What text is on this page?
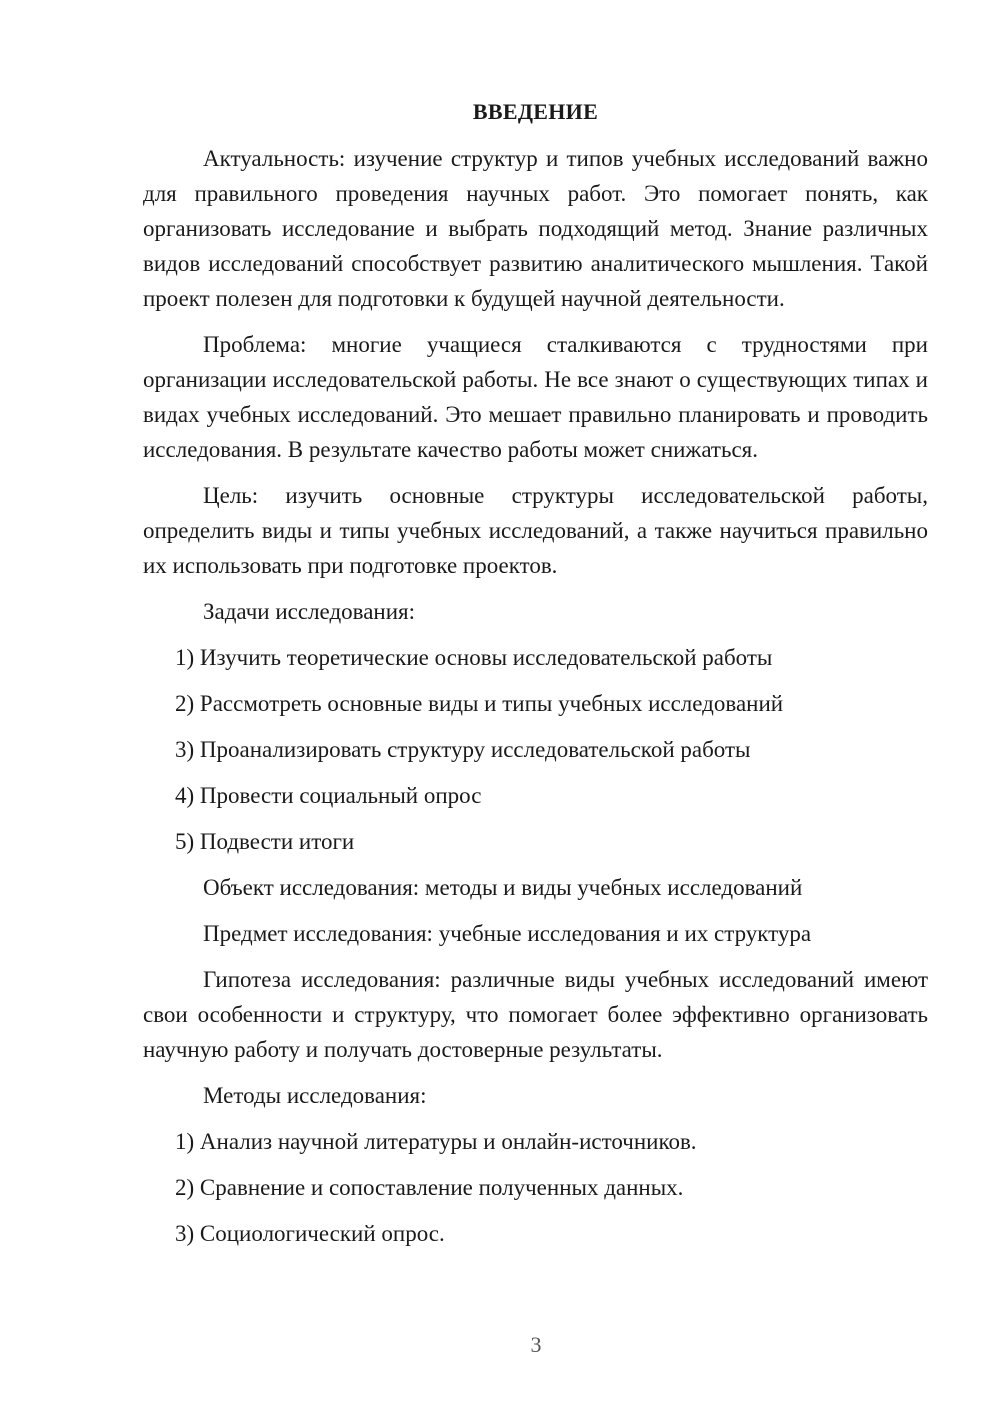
ВВЕДЕНИЕ

Актуальность: изучение структур и типов учебных исследований важно для правильного проведения научных работ. Это помогает понять, как организовать исследование и выбрать подходящий метод. Знание различных видов исследований способствует развитию аналитического мышления. Такой проект полезен для подготовки к будущей научной деятельности.

Проблема: многие учащиеся сталкиваются с трудностями при организации исследовательской работы. Не все знают о существующих типах и видах учебных исследований. Это мешает правильно планировать и проводить исследования. В результате качество работы может снижаться.

Цель: изучить основные структуры исследовательской работы, определить виды и типы учебных исследований, а также научиться правильно их использовать при подготовке проектов.

Задачи исследования:

1) Изучить теоретические основы исследовательской работы

2) Рассмотреть основные виды и типы учебных исследований

3) Проанализировать структуру исследовательской работы

4) Провести социальный опрос

5) Подвести итоги

Объект исследования: методы и виды учебных исследований

Предмет исследования: учебные исследования и их структура

Гипотеза исследования: различные виды учебных исследований имеют свои особенности и структуру, что помогает более эффективно организовать научную работу и получать достоверные результаты.

Методы исследования:

1) Анализ научной литературы и онлайн-источников.

2) Сравнение и сопоставление полученных данных.

3) Социологический опрос.

3
